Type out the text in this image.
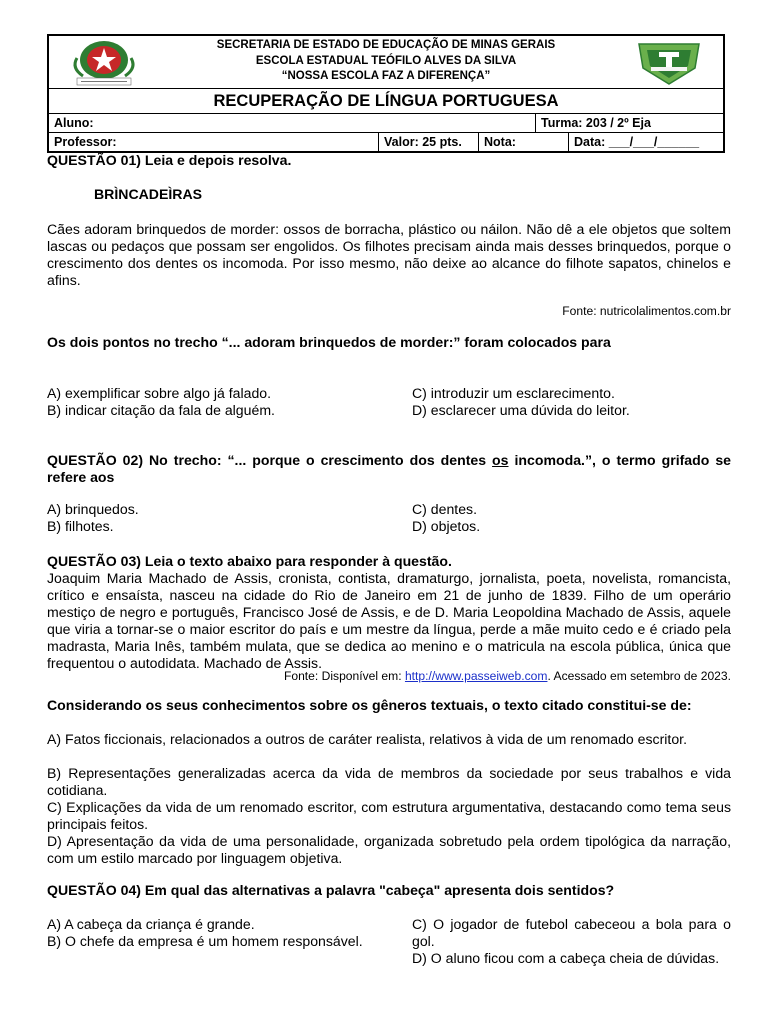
SECRETARIA DE ESTADO DE EDUCAÇÃO DE MINAS GERAIS
ESCOLA ESTADUAL TEÓFILO ALVES DA SILVA
“NOSSA ESCOLA FAZ A DIFERENÇA”
RECUPERAÇÃO DE LÍNGUA PORTUGUESA
Aluno:	Turma: 203 / 2º Eja
Professor:	Valor: 25 pts.	Nota:	Data: ___/___/______
QUESTÃO 01) Leia e depois resolva.
BRÌNCADEÌRAS
Cães adoram brinquedos de morder: ossos de borracha, plástico ou náilon. Não dê a ele objetos que soltem lascas ou pedaços que possam ser engolidos. Os filhotes precisam ainda mais desses brinquedos, porque o crescimento dos dentes os incomoda. Por isso mesmo, não deixe ao alcance do filhote sapatos, chinelos e afins.
Fonte: nutricolalimentos.com.br
Os dois pontos no trecho “... adoram brinquedos de morder:” foram colocados para
A) exemplificar sobre algo já falado.
B) indicar citação da fala de alguém.
C) introduzir um esclarecimento.
D) esclarecer uma dúvida do leitor.
QUESTÃO 02) No trecho: “... porque o crescimento dos dentes os incomoda.”, o termo grifado se refere aos
A) brinquedos.
B) filhotes.
C) dentes.
D) objetos.
QUESTÃO 03) Leia o texto abaixo para responder à questão.
Joaquim Maria Machado de Assis, cronista, contista, dramaturgo, jornalista, poeta, novelista, romancista, crítico e ensaísta, nasceu na cidade do Rio de Janeiro em 21 de junho de 1839. Filho de um operário mestiço de negro e português, Francisco José de Assis, e de D. Maria Leopoldina Machado de Assis, aquele que viria a tornar-se o maior escritor do país e um mestre da língua, perde a mãe muito cedo e é criado pela madrasta, Maria Inês, também mulata, que se dedica ao menino e o matricula na escola pública, única que frequentou o autodidata. Machado de Assis.
Fonte: Disponível em: http://www.passeiweb.com. Acessado em setembro de 2023.
Considerando os seus conhecimentos sobre os gêneros textuais, o texto citado constitui-se de:
A) Fatos ficcionais, relacionados a outros de caráter realista, relativos à vida de um renomado escritor.
B) Representações generalizadas acerca da vida de membros da sociedade por seus trabalhos e vida cotidiana.
C) Explicações da vida de um renomado escritor, com estrutura argumentativa, destacando como tema seus principais feitos.
D) Apresentação da vida de uma personalidade, organizada sobretudo pela ordem tipológica da narração, com um estilo marcado por linguagem objetiva.
QUESTÃO 04) Em qual das alternativas a palavra "cabeça" apresenta dois sentidos?
A) A cabeça da criança é grande.
B) O chefe da empresa é um homem responsável.
C) O jogador de futebol cabeceou a bola para o gol.
D) O aluno ficou com a cabeça cheia de dúvidas.
